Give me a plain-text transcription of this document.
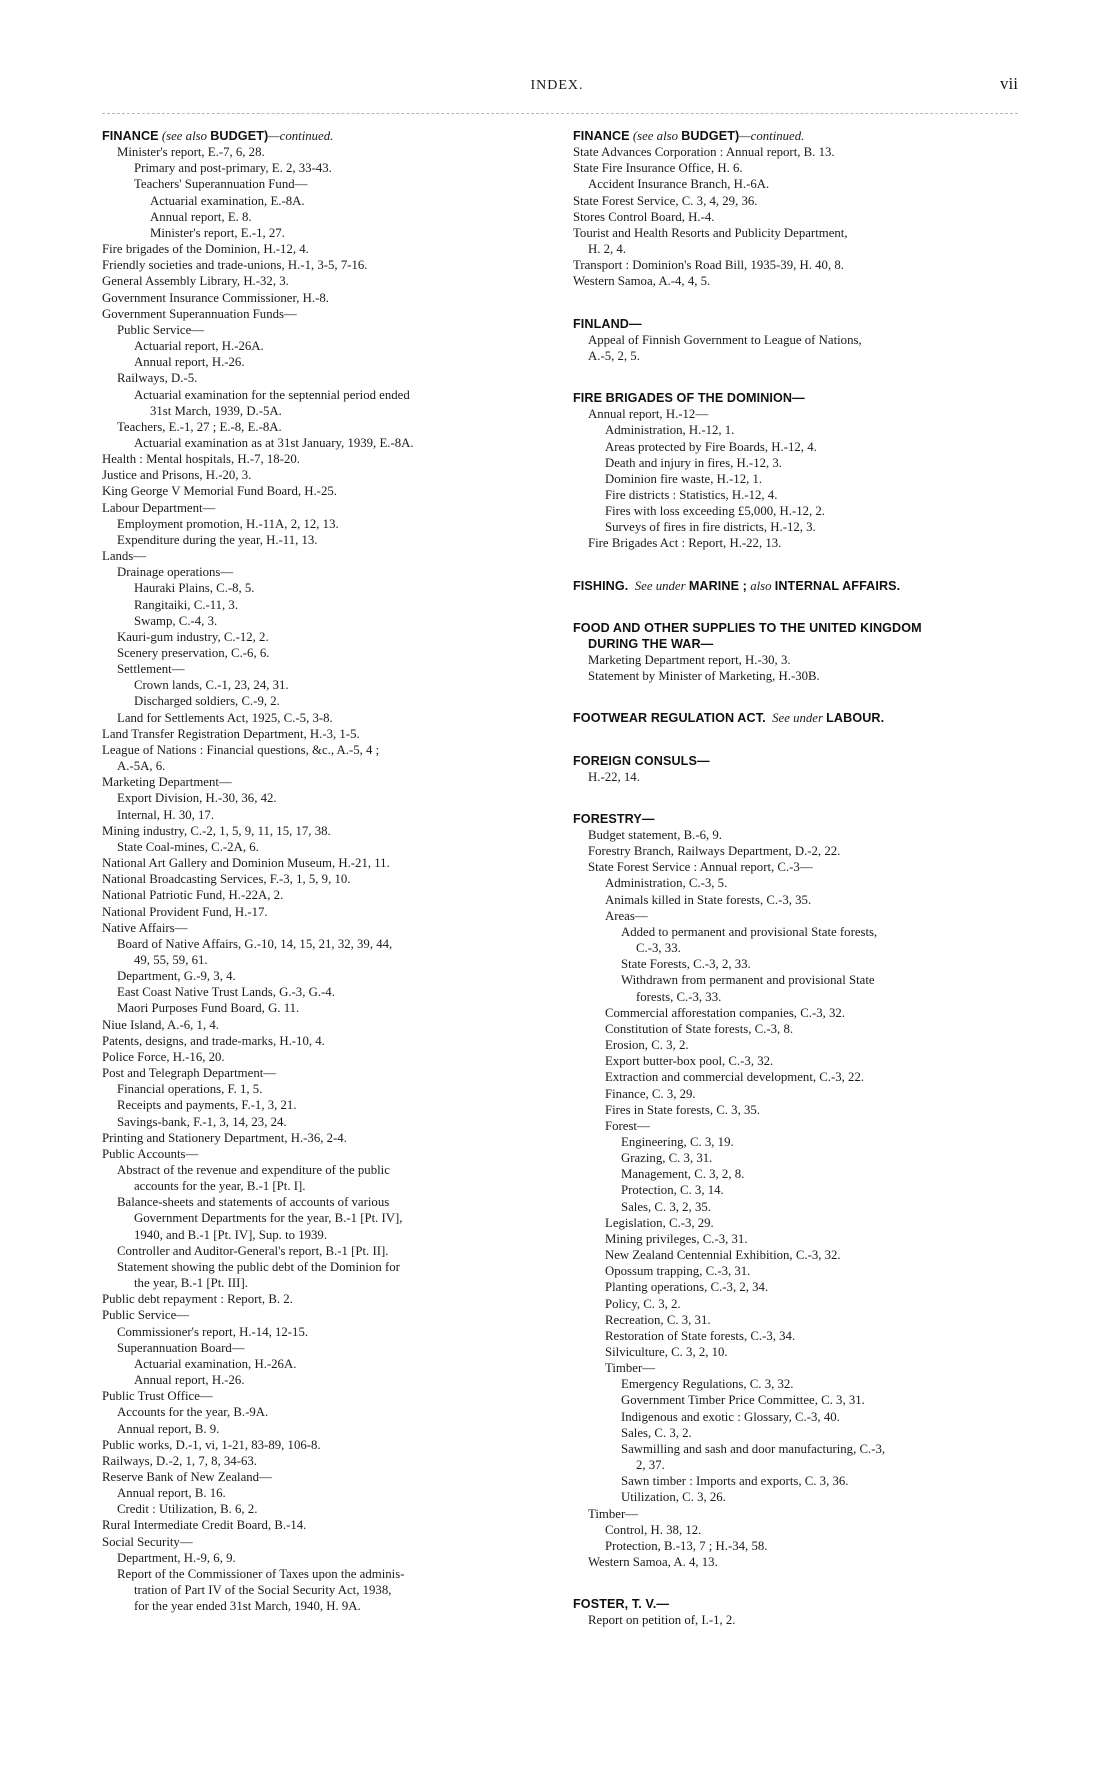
INDEX.	vii
FINANCE (see also BUDGET)—continued.
Minister's report, E.-7, 6, 28.
Primary and post-primary, E. 2, 33-43.
Teachers' Superannuation Fund—
Actuarial examination, E.-8A.
Annual report, E. 8.
Minister's report, E.-1, 27.
Fire brigades of the Dominion, H.-12, 4.
Friendly societies and trade-unions, H.-1, 3-5, 7-16.
General Assembly Library, H.-32, 3.
Government Insurance Commissioner, H.-8.
Government Superannuation Funds—
Public Service—
Actuarial report, H.-26A.
Annual report, H.-26.
Railways, D.-5.
Actuarial examination for the septennial period ended
31st March, 1939, D.-5A.
Teachers, E.-1, 27 ; E.-8, E.-8A.
Actuarial examination as at 31st January, 1939, E.-8A.
Health : Mental hospitals, H.-7, 18-20.
Justice and Prisons, H.-20, 3.
King George V Memorial Fund Board, H.-25.
Labour Department—
Employment promotion, H.-11A, 2, 12, 13.
Expenditure during the year, H.-11, 13.
Lands—
Drainage operations—
Hauraki Plains, C.-8, 5.
Rangitaiki, C.-11, 3.
Swamp, C.-4, 3.
Kauri-gum industry, C.-12, 2.
Scenery preservation, C.-6, 6.
Settlement—
Crown lands, C.-1, 23, 24, 31.
Discharged soldiers, C.-9, 2.
Land for Settlements Act, 1925, C.-5, 3-8.
Land Transfer Registration Department, H.-3, 1-5.
League of Nations : Financial questions, &c., A.-5, 4 ;
A.-5A, 6.
Marketing Department—
Export Division, H.-30, 36, 42.
Internal, H. 30, 17.
Mining industry, C.-2, 1, 5, 9, 11, 15, 17, 38.
State Coal-mines, C.-2A, 6.
National Art Gallery and Dominion Museum, H.-21, 11.
National Broadcasting Services, F.-3, 1, 5, 9, 10.
National Patriotic Fund, H.-22A, 2.
National Provident Fund, H.-17.
Native Affairs—
Board of Native Affairs, G.-10, 14, 15, 21, 32, 39, 44,
49, 55, 59, 61.
Department, G.-9, 3, 4.
East Coast Native Trust Lands, G.-3, G.-4.
Maori Purposes Fund Board, G. 11.
Niue Island, A.-6, 1, 4.
Patents, designs, and trade-marks, H.-10, 4.
Police Force, H.-16, 20.
Post and Telegraph Department—
Financial operations, F. 1, 5.
Receipts and payments, F.-1, 3, 21.
Savings-bank, F.-1, 3, 14, 23, 24.
Printing and Stationery Department, H.-36, 2-4.
Public Accounts—
Abstract of the revenue and expenditure of the public
accounts for the year, B.-1 [Pt. I].
Balance-sheets and statements of accounts of various
Government Departments for the year, B.-1 [Pt. IV],
1940, and B.-1 [Pt. IV], Sup. to 1939.
Controller and Auditor-General's report, B.-1 [Pt. II].
Statement showing the public debt of the Dominion for
the year, B.-1 [Pt. III].
Public debt repayment : Report, B. 2.
Public Service—
Commissioner's report, H.-14, 12-15.
Superannuation Board—
Actuarial examination, H.-26A.
Annual report, H.-26.
Public Trust Office—
Accounts for the year, B.-9A.
Annual report, B. 9.
Public works, D.-1, vi, 1-21, 83-89, 106-8.
Railways, D.-2, 1, 7, 8, 34-63.
Reserve Bank of New Zealand—
Annual report, B. 16.
Credit : Utilization, B. 6, 2.
Rural Intermediate Credit Board, B.-14.
Social Security—
Department, H.-9, 6, 9.
Report of the Commissioner of Taxes upon the adminis-
tration of Part IV of the Social Security Act, 1938,
for the year ended 31st March, 1940, H. 9A.
FINANCE (see also BUDGET)—continued.
State Advances Corporation : Annual report, B. 13.
State Fire Insurance Office, H. 6.
Accident Insurance Branch, H.-6A.
State Forest Service, C. 3, 4, 29, 36.
Stores Control Board, H.-4.
Tourist and Health Resorts and Publicity Department,
H. 2, 4.
Transport : Dominion's Road Bill, 1935-39, H. 40, 8.
Western Samoa, A.-4, 4, 5.
FINLAND—
Appeal of Finnish Government to League of Nations,
A.-5, 2, 5.
FIRE BRIGADES OF THE DOMINION—
Annual report, H.-12—
Administration, H.-12, 1.
Areas protected by Fire Boards, H.-12, 4.
Death and injury in fires, H.-12, 3.
Dominion fire waste, H.-12, 1.
Fire districts : Statistics, H.-12, 4.
Fires with loss exceeding £5,000, H.-12, 2.
Surveys of fires in fire districts, H.-12, 3.
Fire Brigades Act : Report, H.-22, 13.
FISHING. See under MARINE ; also INTERNAL AFFAIRS.
FOOD AND OTHER SUPPLIES TO THE UNITED KINGDOM
DURING THE WAR—
Marketing Department report, H.-30, 3.
Statement by Minister of Marketing, H.-30B.
FOOTWEAR REGULATION ACT. See under LABOUR.
FOREIGN CONSULS—
H.-22, 14.
FORESTRY—
Budget statement, B.-6, 9.
Forestry Branch, Railways Department, D.-2, 22.
State Forest Service : Annual report, C.-3—
Administration, C.-3, 5.
Animals killed in State forests, C.-3, 35.
Areas—
Added to permanent and provisional State forests,
C.-3, 33.
State Forests, C.-3, 2, 33.
Withdrawn from permanent and provisional State
forests, C.-3, 33.
Commercial afforestation companies, C.-3, 32.
Constitution of State forests, C.-3, 8.
Erosion, C. 3, 2.
Export butter-box pool, C.-3, 32.
Extraction and commercial development, C.-3, 22.
Finance, C. 3, 29.
Fires in State forests, C. 3, 35.
Forest—
Engineering, C. 3, 19.
Grazing, C. 3, 31.
Management, C. 3, 2, 8.
Protection, C. 3, 14.
Sales, C. 3, 2, 35.
Legislation, C.-3, 29.
Mining privileges, C.-3, 31.
New Zealand Centennial Exhibition, C.-3, 32.
Opossum trapping, C.-3, 31.
Planting operations, C.-3, 2, 34.
Policy, C. 3, 2.
Recreation, C. 3, 31.
Restoration of State forests, C.-3, 34.
Silviculture, C. 3, 2, 10.
Timber—
Emergency Regulations, C. 3, 32.
Government Timber Price Committee, C. 3, 31.
Indigenous and exotic : Glossary, C.-3, 40.
Sales, C. 3, 2.
Sawmilling and sash and door manufacturing, C.-3,
2, 37.
Sawn timber : Imports and exports, C. 3, 36.
Utilization, C. 3, 26.
Timber—
Control, H. 38, 12.
Protection, B.-13, 7 ; H.-34, 58.
Western Samoa, A. 4, 13.
FOSTER, T. V.—
Report on petition of, I.-1, 2.
